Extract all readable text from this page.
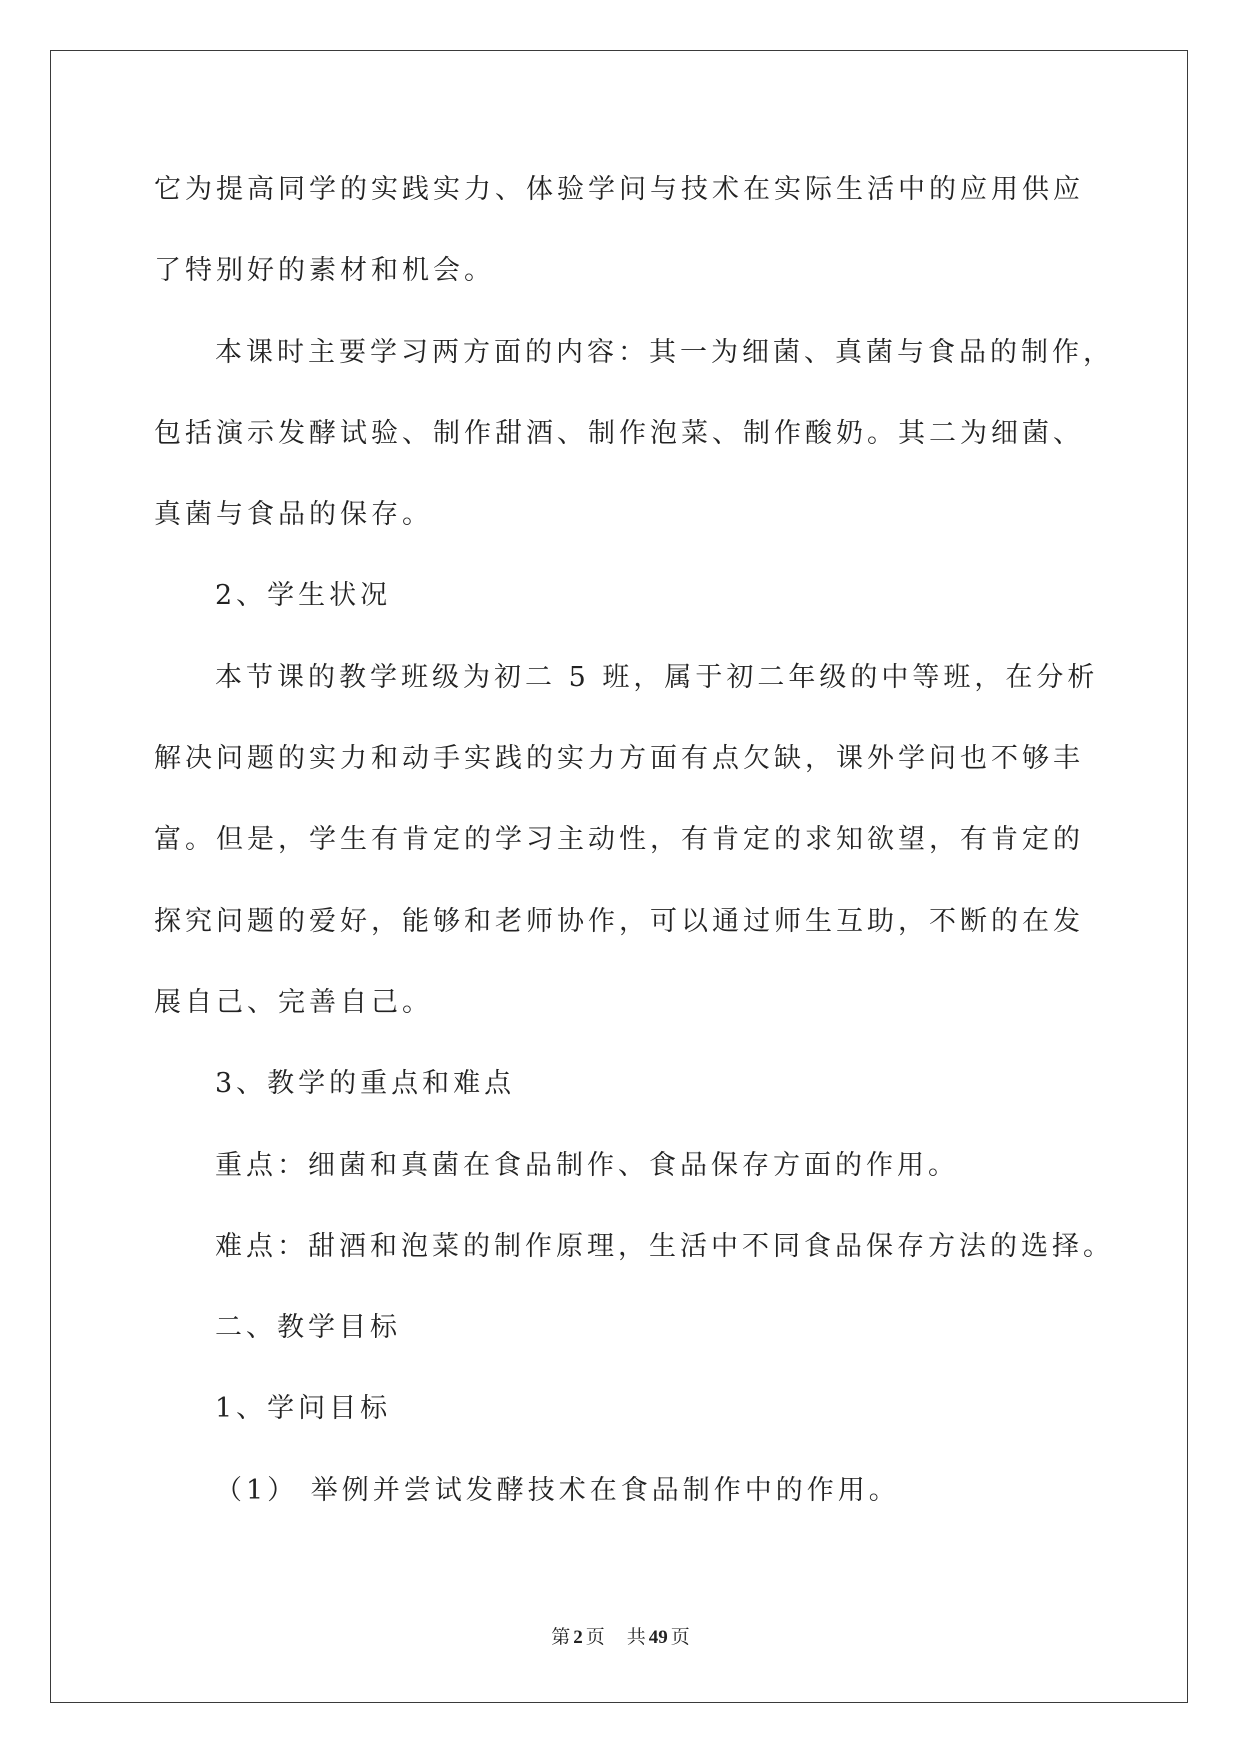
它为提高同学的实践实力、体验学问与技术在实际生活中的应用供应
了特别好的素材和机会。
本课时主要学习两方面的内容：其一为细菌、真菌与食品的制作，
包括演示发酵试验、制作甜酒、制作泡菜、制作酸奶。其二为细菌、
真菌与食品的保存。
2、学生状况
本节课的教学班级为初二 5 班，属于初二年级的中等班，在分析
解决问题的实力和动手实践的实力方面有点欠缺，课外学问也不够丰
富。但是，学生有肯定的学习主动性，有肯定的求知欲望，有肯定的
探究问题的爱好，能够和老师协作，可以通过师生互助，不断的在发
展自己、完善自己。
3、教学的重点和难点
重点：细菌和真菌在食品制作、食品保存方面的作用。
难点：甜酒和泡菜的制作原理，生活中不同食品保存方法的选择。
二、教学目标
1、学问目标
（1） 举例并尝试发酵技术在食品制作中的作用。
第 2 页 共 49 页
